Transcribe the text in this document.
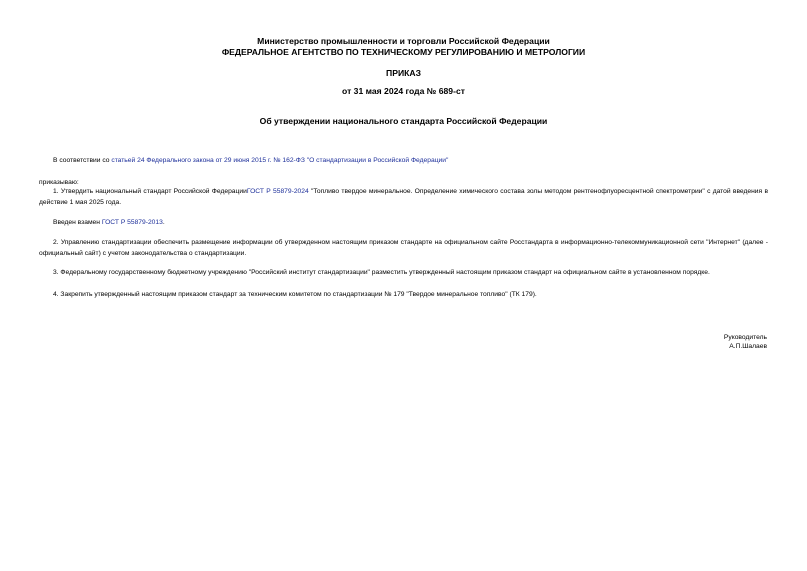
Министерство промышленности и торговли Российской Федерации
ФЕДЕРАЛЬНОЕ АГЕНТСТВО ПО ТЕХНИЧЕСКОМУ РЕГУЛИРОВАНИЮ И МЕТРОЛОГИИ
ПРИКАЗ
от 31 мая 2024 года № 689-ст
Об утверждении национального стандарта Российской Федерации
В соответствии со статьей 24 Федерального закона от 29 июня 2015 г. № 162-ФЗ "О стандартизации в Российской Федерации"
приказываю:
1. Утвердить национальный стандарт Российской ФедерацииГОСТ Р 55879-2024 "Топливо твердое минеральное. Определение химического состава золы методом рентгенофлуоресцентной спектрометрии" с датой введения в действие 1 мая 2025 года.
Введен взамен ГОСТ Р 55879-2013.
2. Управлению стандартизации обеспечить размещение информации об утвержденном настоящим приказом стандарте на официальном сайте Росстандарта в информационно-телекоммуникационной сети "Интернет" (далее - официальный сайт) с учетом законодательства о стандартизации.
3. Федеральному государственному бюджетному учреждению "Российский институт стандартизации" разместить утвержденный настоящим приказом стандарт на официальном сайте в установленном порядке.
4. Закрепить утвержденный настоящим приказом стандарт за техническим комитетом по стандартизации № 179 "Твердое минеральное топливо" (ТК 179).
Руководитель
А.П.Шалаев
